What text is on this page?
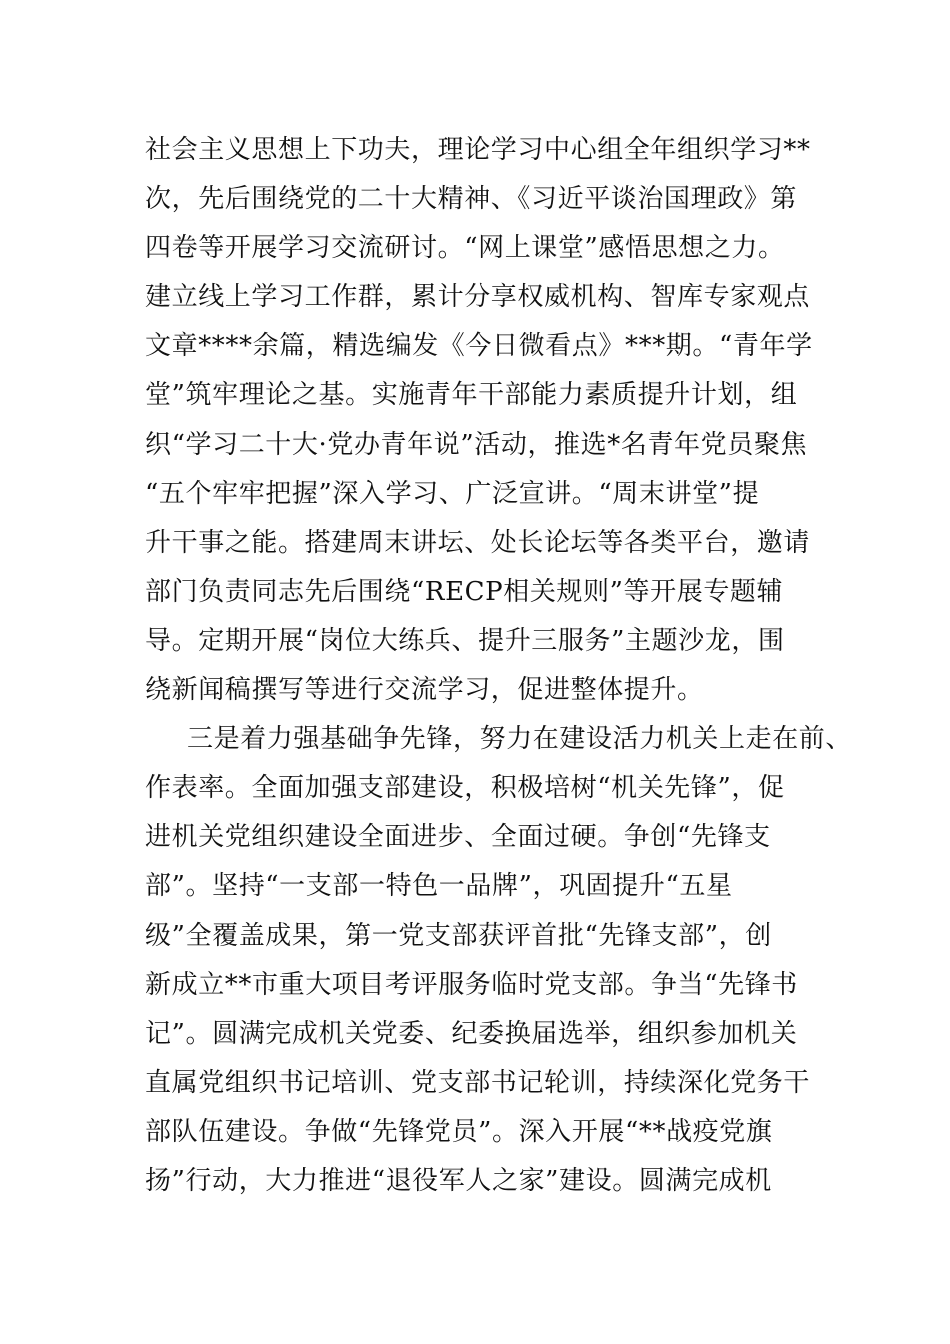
社会主义思想上下功夫，理论学习中心组全年组织学习**
次，先后围绕党的二十大精神、《习近平谈治国理政》第
四卷等开展学习交流研讨。“网上课堂”感悟思想之力。
建立线上学习工作群，累计分享权威机构、智库专家观点
文章****余篇，精选编发《今日微看点》***期。“青年学
堂”筑牢理论之基。实施青年干部能力素质提升计划，组
织“学习二十大·党办青年说”活动，推选*名青年党员聚焦
“五个牢牢把握”深入学习、广泛宣讲。“周末讲堂”提
升干事之能。搭建周末讲坛、处长论坛等各类平台，邀请
部门负责同志先后围绕“RECP相关规则”等开展专题辅
导。定期开展“岗位大练兵、提升三服务”主题沙龙，围
绕新闻稿撰写等进行交流学习，促进整体提升。
三是着力强基础争先锋，努力在建设活力机关上走在前、
作表率。全面加强支部建设，积极培树“机关先锋”，促
进机关党组织建设全面进步、全面过硬。争创“先锋支
部”。坚持“一支部一特色一品牌”，巩固提升“五星
级”全覆盖成果，第一党支部获评首批“先锋支部”，创
新成立**市重大项目考评服务临时党支部。争当“先锋书
记”。圆满完成机关党委、纪委换届选举，组织参加机关
直属党组织书记培训、党支部书记轮训，持续深化党务干
部队伍建设。争做“先锋党员”。深入开展“**战疫党旗
扬”行动，大力推进“退役军人之家”建设。圆满完成机
